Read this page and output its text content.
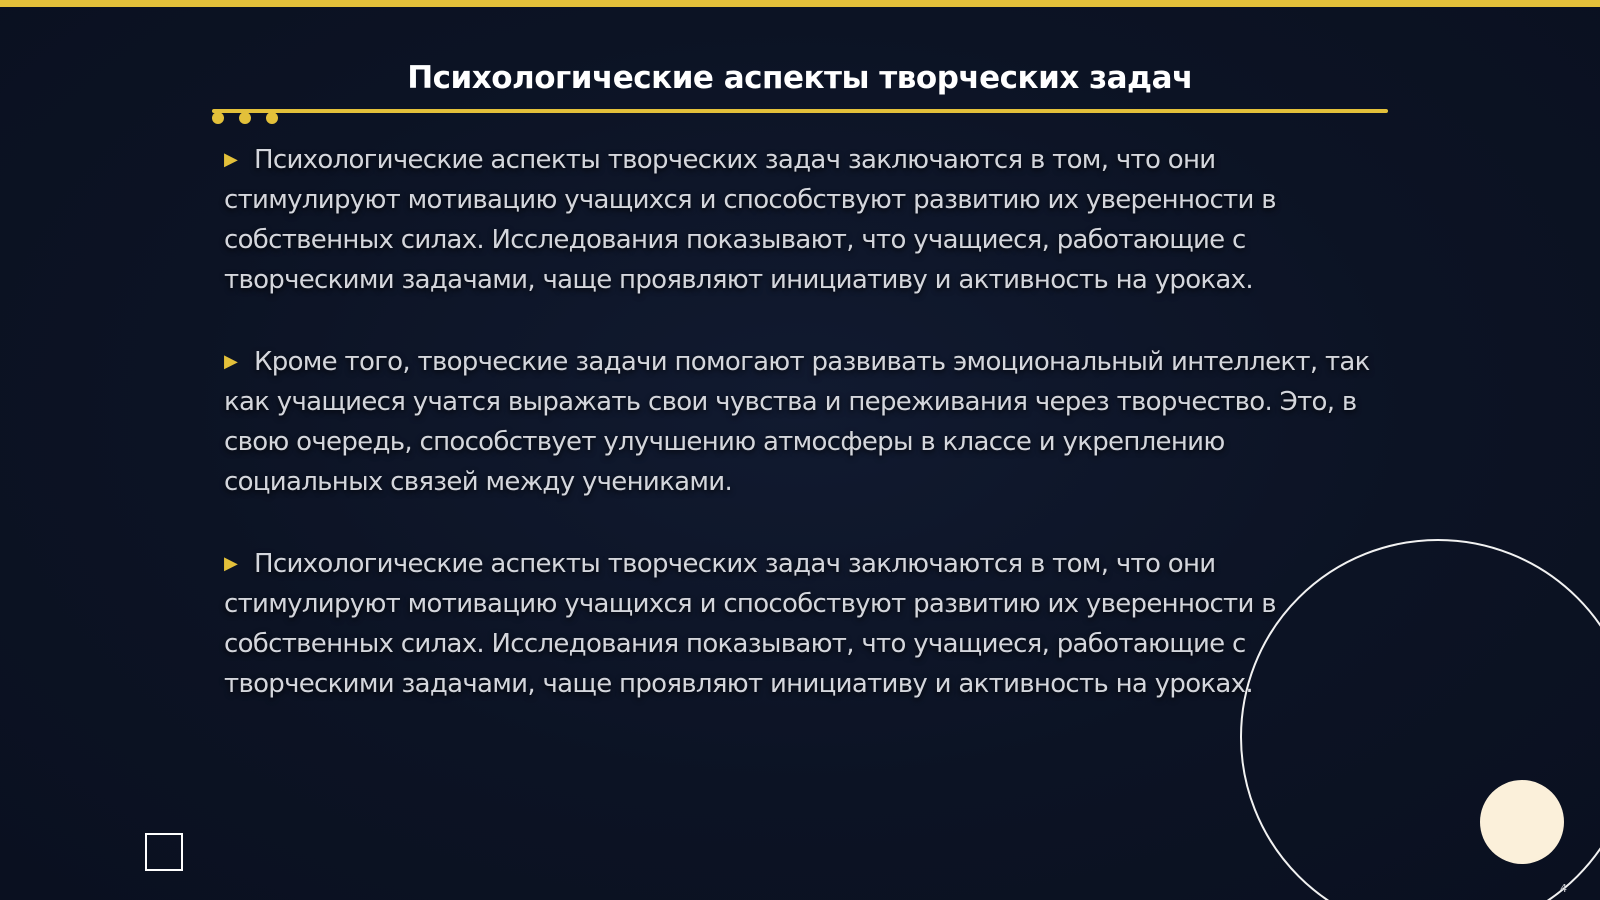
Психологические аспекты творческих задач
▶ Психологические аспекты творческих задач заключаются в том, что они стимулируют мотивацию учащихся и способствуют развитию их уверенности в собственных силах. Исследования показывают, что учащиеся, работающие с творческими задачами, чаще проявляют инициативу и активность на уроках.
▶ Кроме того, творческие задачи помогают развивать эмоциональный интеллект, так как учащиеся учатся выражать свои чувства и переживания через творчество. Это, в свою очередь, способствует улучшению атмосферы в классе и укреплению социальных связей между учениками.
▶ Психологические аспекты творческих задач заключаются в том, что они стимулируют мотивацию учащихся и способствуют развитию их уверенности в собственных силах. Исследования показывают, что учащиеся, работающие с творческими задачами, чаще проявляют инициативу и активность на уроках.
4
